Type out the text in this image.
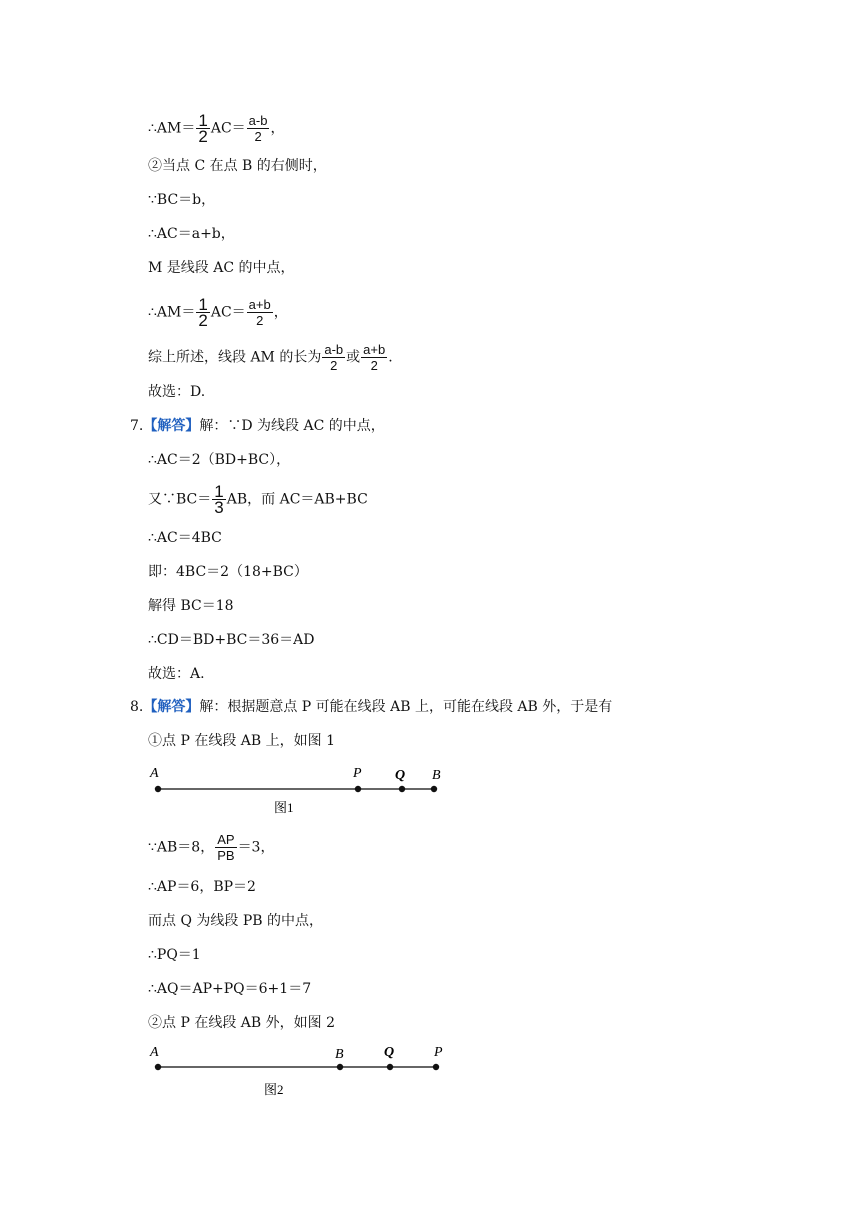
∴AM＝ $\frac{1}{2} AC= \frac{a-b}{2}$ ，
②当点 C 在点 B 的右侧时，
∵BC＝b，
∴AC＝a+b，
M 是线段 AC 的中点，
∴AM＝ $\frac{1}{2} AC= \frac{a+b}{2}$ ，
综上所述，线段 AM 的长为 $\frac{a-b}{2}$ 或 $\frac{a+b}{2}$ .
故选：D.
7.【解答】解：∵D 为线段 AC 的中点，
∴AC＝2（BD+BC），
又∵BC＝ $\frac{1}{3}$ AB，而 AC＝AB+BC
∴AC＝4BC
即：4BC＝2（18+BC）
解得 BC＝18
∴CD＝BD+BC＝36＝AD
故选：A.
8.【解答】解：根据题意点 P 可能在线段 AB 上，可能在线段 AB 外，于是有
①点 P 在线段 AB 上，如图 1
A	P Q B
图1
∵AB＝8， $\frac{AP}{PB} =3$，
∴AP＝6，BP＝2
而点 Q 为线段 PB 的中点，
∴PQ＝1
∴AQ＝AP+PQ＝6+1＝7
②点 P 在线段 AB 外，如图 2
A	B	Q	P
图2
